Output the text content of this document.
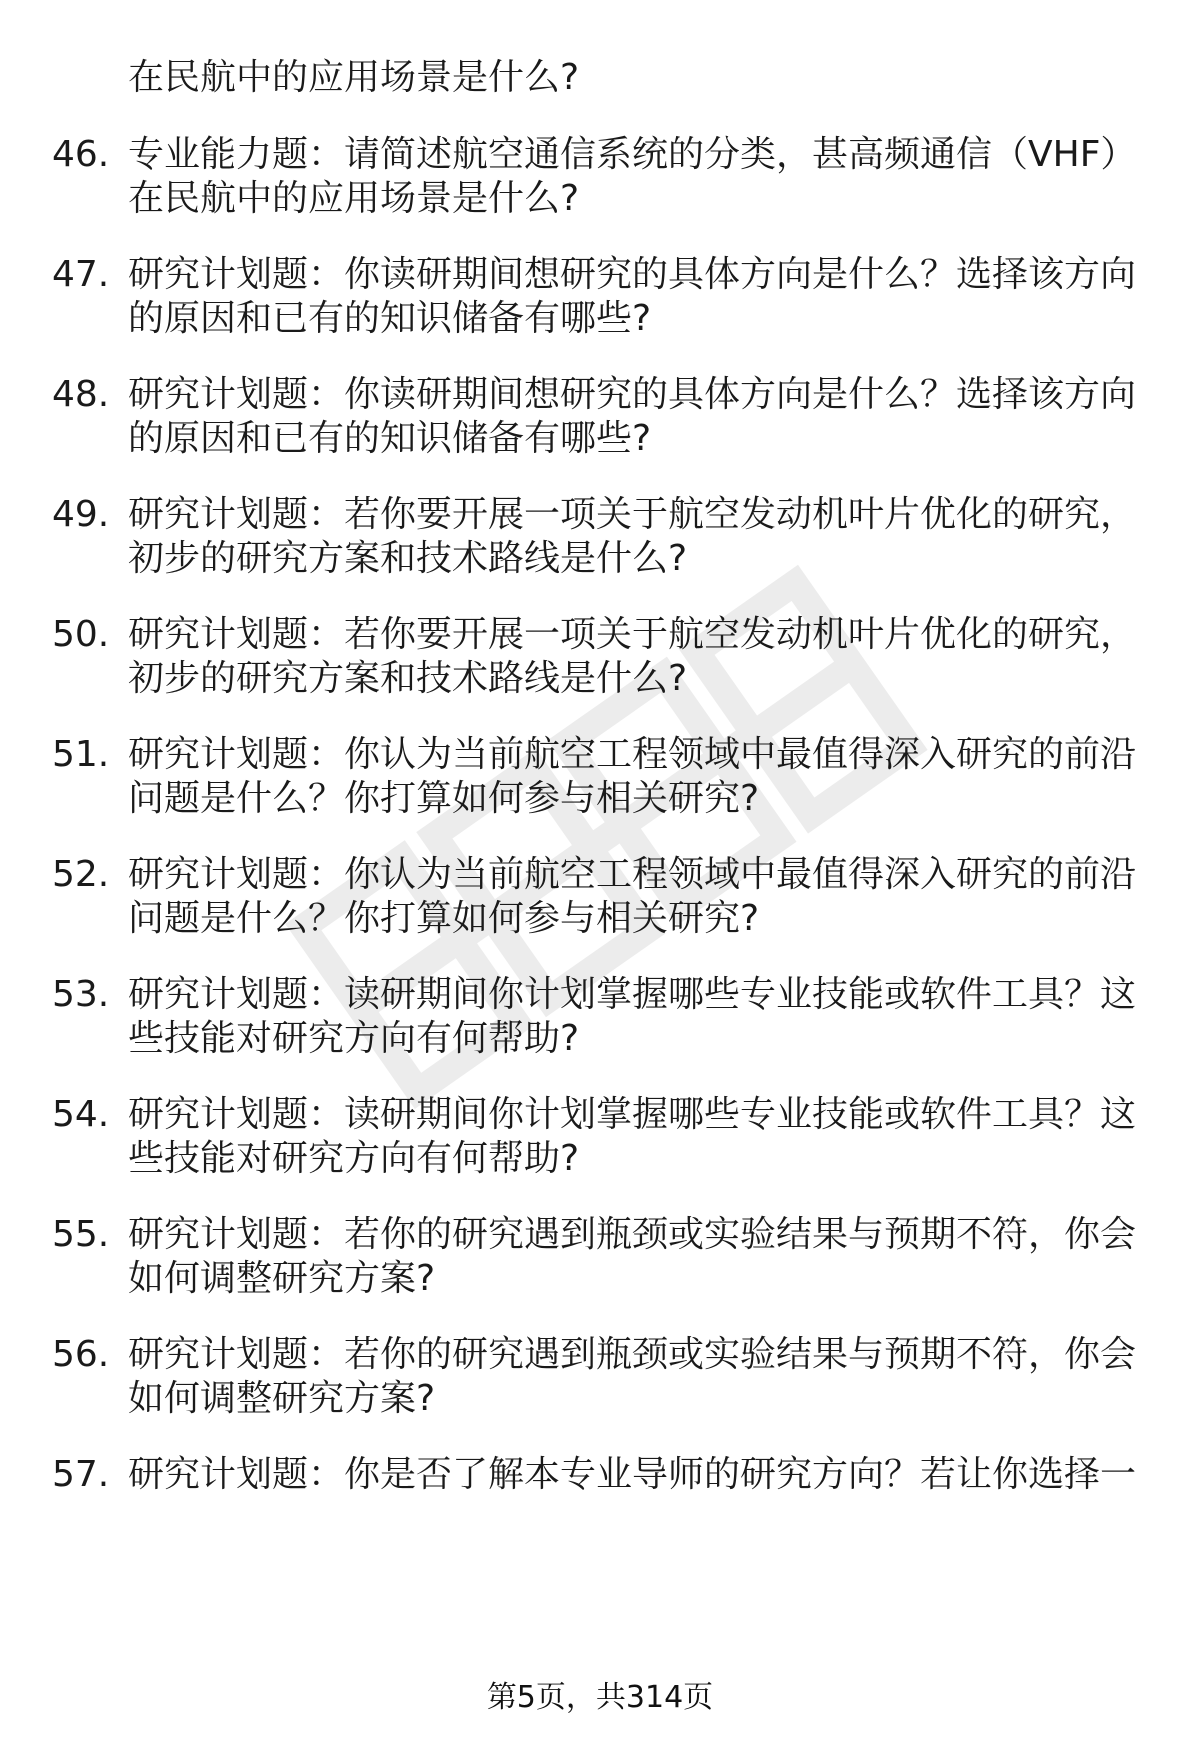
在民航中的应用场景是什么?
46. 专业能力题：请简述航空通信系统的分类，甚高频通信（VHF）
在民航中的应用场景是什么?
47. 研究计划题：你读研期间想研究的具体方向是什么？选择该方向
的原因和已有的知识储备有哪些?
48. 研究计划题：你读研期间想研究的具体方向是什么？选择该方向
的原因和已有的知识储备有哪些?
49. 研究计划题：若你要开展一项关于航空发动机叶片优化的研究，
初步的研究方案和技术路线是什么?
50. 研究计划题：若你要开展一项关于航空发动机叶片优化的研究，
初步的研究方案和技术路线是什么?
51. 研究计划题：你认为当前航空工程领域中最值得深入研究的前沿
问题是什么？你打算如何参与相关研究?
52. 研究计划题：你认为当前航空工程领域中最值得深入研究的前沿
问题是什么？你打算如何参与相关研究?
53. 研究计划题：读研期间你计划掌握哪些专业技能或软件工具？这
些技能对研究方向有何帮助?
54. 研究计划题：读研期间你计划掌握哪些专业技能或软件工具？这
些技能对研究方向有何帮助?
55. 研究计划题：若你的研究遇到瓶颈或实验结果与预期不符，你会
如何调整研究方案?
56. 研究计划题：若你的研究遇到瓶颈或实验结果与预期不符，你会
如何调整研究方案?
57. 研究计划题：你是否了解本专业导师的研究方向？若让你选择一
第5页，共314页
